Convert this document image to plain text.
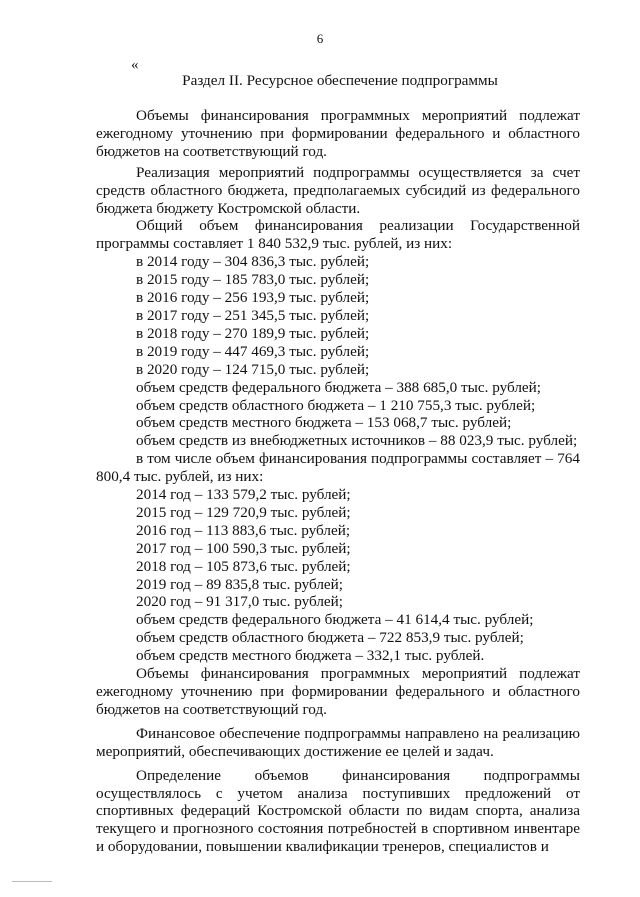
6
«
Раздел II. Ресурсное обеспечение подпрограммы

Объемы финансирования программных мероприятий подлежат ежегодному уточнению при формировании федерального и областного бюджетов на соответствующий год.

Реализация мероприятий подпрограммы осуществляется за счет средств областного бюджета, предполагаемых субсидий из федерального бюджета бюджету Костромской области.

Общий объем финансирования реализации Государственной программы составляет 1 840 532,9 тыс. рублей, из них:

в 2014 году – 304 836,3 тыс. рублей;
в 2015 году – 185 783,0 тыс. рублей;
в 2016 году – 256 193,9 тыс. рублей;
в 2017 году – 251 345,5 тыс. рублей;
в 2018 году – 270 189,9 тыс. рублей;
в 2019 году – 447 469,3 тыс. рублей;
в 2020 году – 124 715,0 тыс. рублей;
объем средств федерального бюджета – 388 685,0 тыс. рублей;
объем средств областного бюджета – 1 210 755,3 тыс. рублей;
объем средств местного бюджета – 153 068,7 тыс. рублей;
объем средств из внебюджетных источников – 88 023,9 тыс. рублей;

в том числе объем финансирования подпрограммы составляет – 764 800,4 тыс. рублей, из них:

2014 год – 133 579,2 тыс. рублей;
2015 год – 129 720,9 тыс. рублей;
2016 год – 113 883,6 тыс. рублей;
2017 год – 100 590,3 тыс. рублей;
2018 год – 105 873,6 тыс. рублей;
2019 год – 89 835,8 тыс. рублей;
2020 год – 91 317,0 тыс. рублей;
объем средств федерального бюджета – 41 614,4 тыс. рублей;
объем средств областного бюджета – 722 853,9 тыс. рублей;
объем средств местного бюджета – 332,1 тыс. рублей.

Объемы финансирования программных мероприятий подлежат ежегодному уточнению при формировании федерального и областного бюджетов на соответствующий год.

Финансовое обеспечение подпрограммы направлено на реализацию мероприятий, обеспечивающих достижение ее целей и задач.

Определение объемов финансирования подпрограммы осуществлялось с учетом анализа поступивших предложений от спортивных федераций Костромской области по видам спорта, анализа текущего и прогнозного состояния потребностей в спортивном инвентаре и оборудовании, повышении квалификации тренеров, специалистов и
